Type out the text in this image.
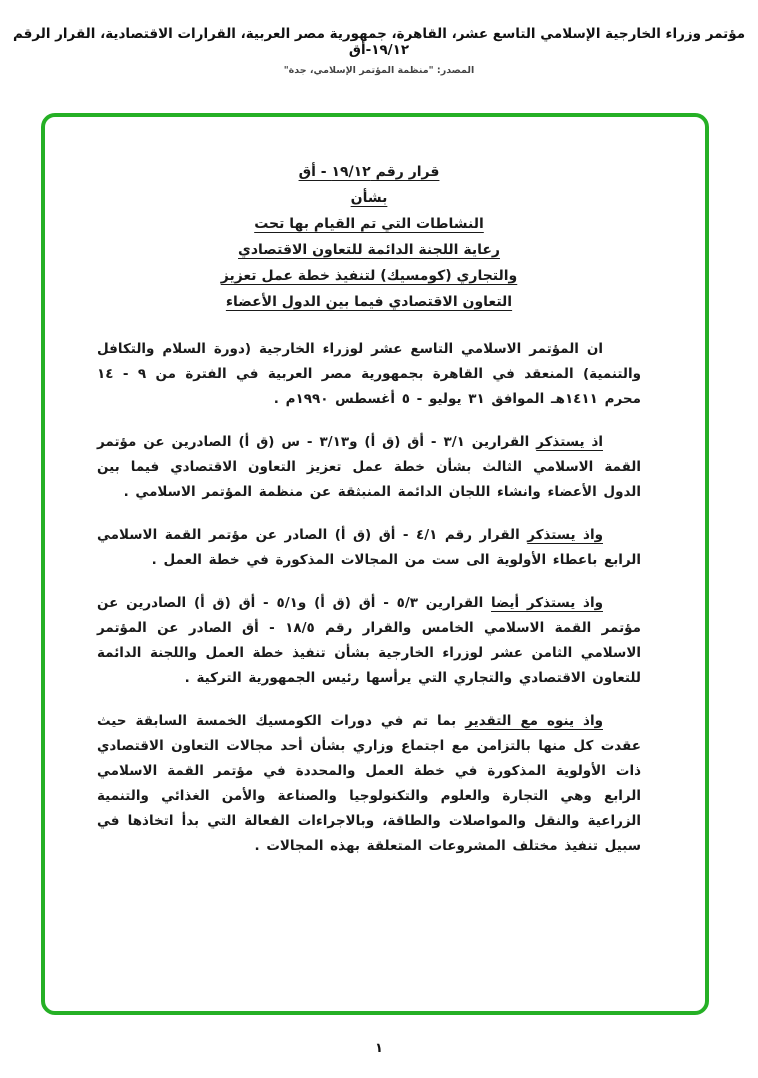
مؤتمر وزراء الخارجية الإسلامي التاسع عشر، القاهرة، جمهورية مصر العربية، القرارات الاقتصادية، القرار الرقم ١٩/١٢-أق
المصدر: "منظمة المؤتمر الإسلامي، جدة"
قرار رقم ١٩/١٢ - أق
بشأن
النشاطات التي تم القيام بها تحت
رعاية اللجنة الدائمة للتعاون الاقتصادي
والتجاري (كومسيك) لتنفيذ خطة عمل تعزيز
التعاون الاقتصادي فيما بين الدول الأعضاء

ان المؤتمر الاسلامي التاسع عشر لوزراء الخارجية (دورة السلام والتكافل والتنمية) المنعقد في القاهرة بجمهورية مصر العربية في الفترة من ٩ - ١٤ محرم ١٤١١هـ الموافق ٣١ يوليو - ٥ أغسطس ١٩٩٠م .

اذ يستذكر القرارين ٣/١ - أق (ق أ) و٣/١٣ - س (ق أ) الصادرين عن مؤتمر القمة الاسلامي الثالث بشأن خطة عمل تعزيز التعاون الاقتصادي فيما بين الدول الأعضاء وانشاء اللجان الدائمة المنبثقة عن منظمة المؤتمر الاسلامي .

واذ يستذكر القرار رقم ٤/١ - أق (ق أ) الصادر عن مؤتمر القمة الاسلامي الرابع باعطاء الأولوية الى ست من المجالات المذكورة في خطة العمل .

واذ يستذكر أيضا القرارين ٥/٣ - أق (ق أ) و٥/١ - أق (ق أ) الصادرين عن مؤتمر القمة الاسلامي الخامس والقرار رقم ١٨/٥ - أق الصادر عن المؤتمر الاسلامي الثامن عشر لوزراء الخارجية بشأن تنفيذ خطة العمل واللجنة الدائمة للتعاون الاقتصادي والتجاري التي يرأسها رئيس الجمهورية التركية .

واذ ينوه مع التقدير بما تم في دورات الكومسيك الخمسة السابقة حيث عقدت كل منها بالتزامن مع اجتماع وزاري بشأن أحد مجالات التعاون الاقتصادي ذات الأولوية المذكورة في خطة العمل والمحددة في مؤتمر القمة الاسلامي الرابع وهي التجارة والعلوم والتكنولوجيا والصناعة والأمن الغذائي والتنمية الزراعية والنقل والمواصلات والطاقة، وبالاجراءات الفعالة التي بدأ اتخاذها في سبيل تنفيذ مختلف المشروعات المتعلقة بهذه المجالات .

١
